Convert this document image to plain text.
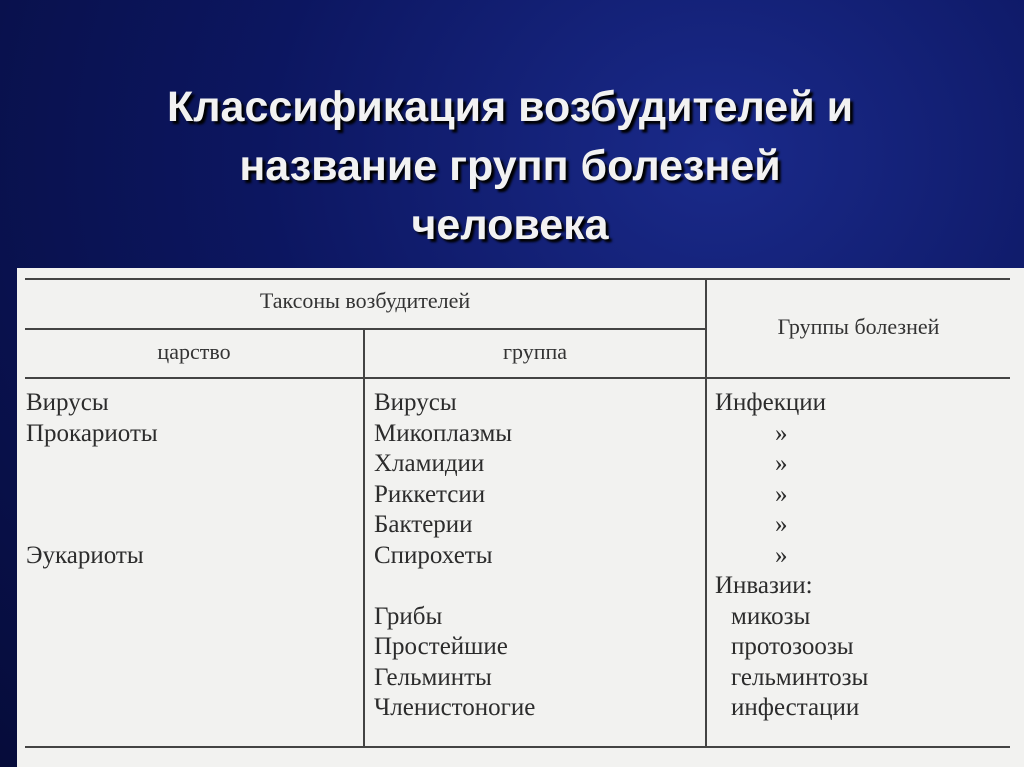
Классификация возбудителей и
название групп болезней
человека
Таксоны возбудителей
царство	группа
Группы болезней
Вирусы
Прокариоты
Эукариоты
Вирусы
Микоплазмы
Хламидии
Риккетсии
Бактерии
Спирохеты
Грибы
Простейшие
Гельминты
Членистоногие
Инфекции
»
»
»
»
»
Инвазии:
микозы
протозоозы
гельминтозы
инфестации
